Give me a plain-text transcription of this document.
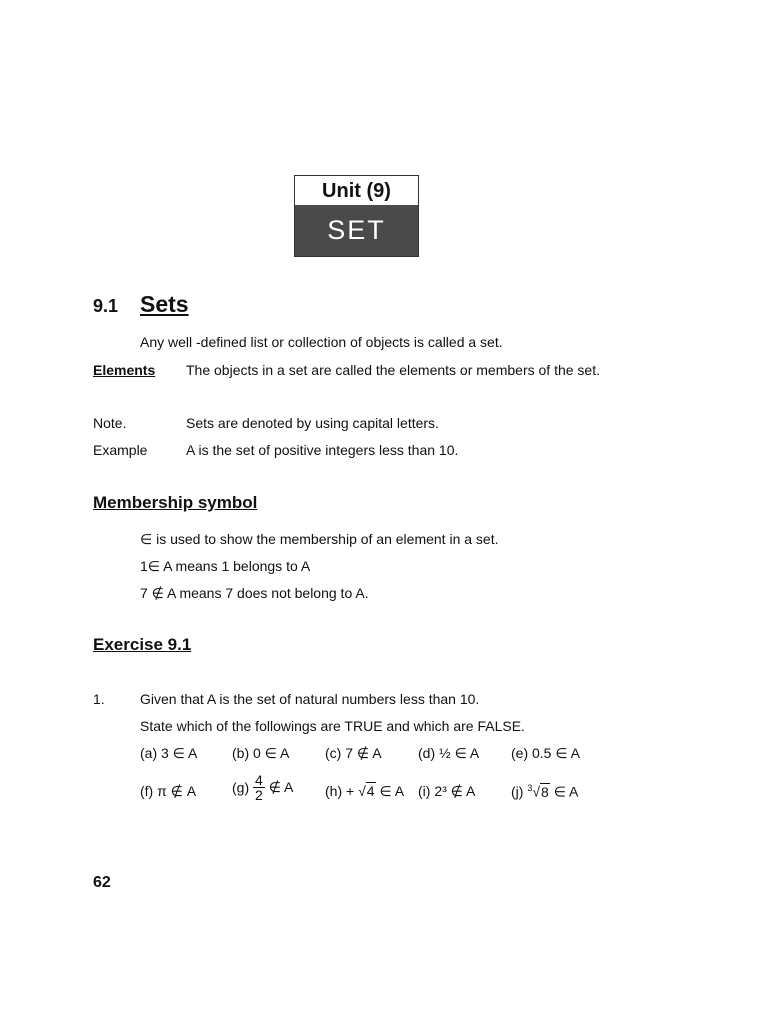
Unit (9)
SET
9.1 Sets
Any well -defined list or collection of objects is called a set.
Elements The objects in a set are called the elements or members of the set.
Note.	Sets are denoted by using capital letters.
Example	A is the set of positive integers less than 10.
Membership symbol
∈ is used to show the membership of an element in a set.
1∈ A means 1 belongs to A
7 ∉ A means 7 does not belong to A.
Exercise 9.1
1.	Given that A is the set of natural numbers less than 10.
State which of the followings are TRUE and which are FALSE.
(a) 3 ∈ A (b) 0 ∈ A	(c) 7 ∉ A	(d) ½ ∈ A (e) 0.5 ∈ A
(f) π ∉ A	$(g) \frac{4}{2}$ ∉ A (h) + √4 ∈ A (i) 2³ ∉ A	(j) $^3$√8 ∈ A
62
